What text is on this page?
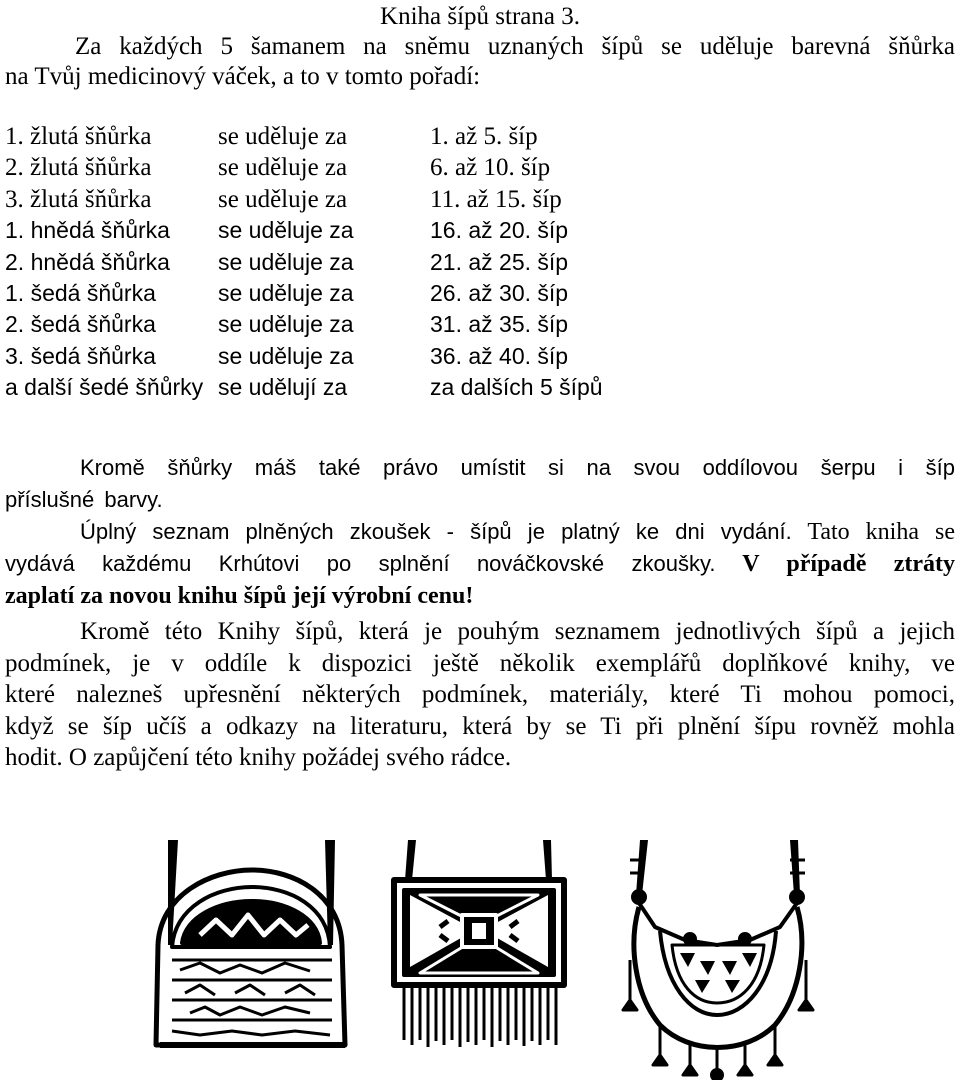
Kniha šípů strana 3.
Za každých 5 šamanem na sněmu uznaných šípů se uděluje barevná šňůrka
na Tvůj medicinový váček, a to v tomto pořadí:
1. žlutá šňůrka	se uděluje za	1. až 5. šíp
2. žlutá šňůrka	se uděluje za	6. až 10. šíp
3. žlutá šňůrka	se uděluje za	11. až 15. šíp
1. hnědá šňůrka se uděluje za	16. až 20. šíp
2. hnědá šňůrka se uděluje za	21. až 25. šíp
1. šedá šňůrka	se uděluje za	26. až 30. šíp
2. šedá šňůrka	se uděluje za	31. až 35. šíp
3. šedá šňůrka	se uděluje za	36. až 40. šíp
a další šedé šňůrky se udělují za	za dalších 5 šípů
Kromě šňůrky máš také právo umístit si na svou oddílovou šerpu i šíp
příslušné barvy.
Úplný seznam plněných zkoušek - šípů je platný ke dni vydání. Tato kniha se
vydává každému Krhútovi po splnění nováčkovské zkoušky. V případě ztráty
zaplatí za novou knihu šípů její výrobní cenu!
Kromě této Knihy šípů, která je pouhým seznamem jednotlivých šípů a jejich
podmínek, je v oddíle k dispozici ještě několik exemplářů doplňkové knihy, ve
které nalezneš upřesnění některých podmínek, materiály, které Ti mohou pomoci,
když se šíp učíš a odkazy na literaturu, která by se Ti při plnění šípu rovněž mohla
hodit. O zapůjčení této knihy požádej svého rádce.
